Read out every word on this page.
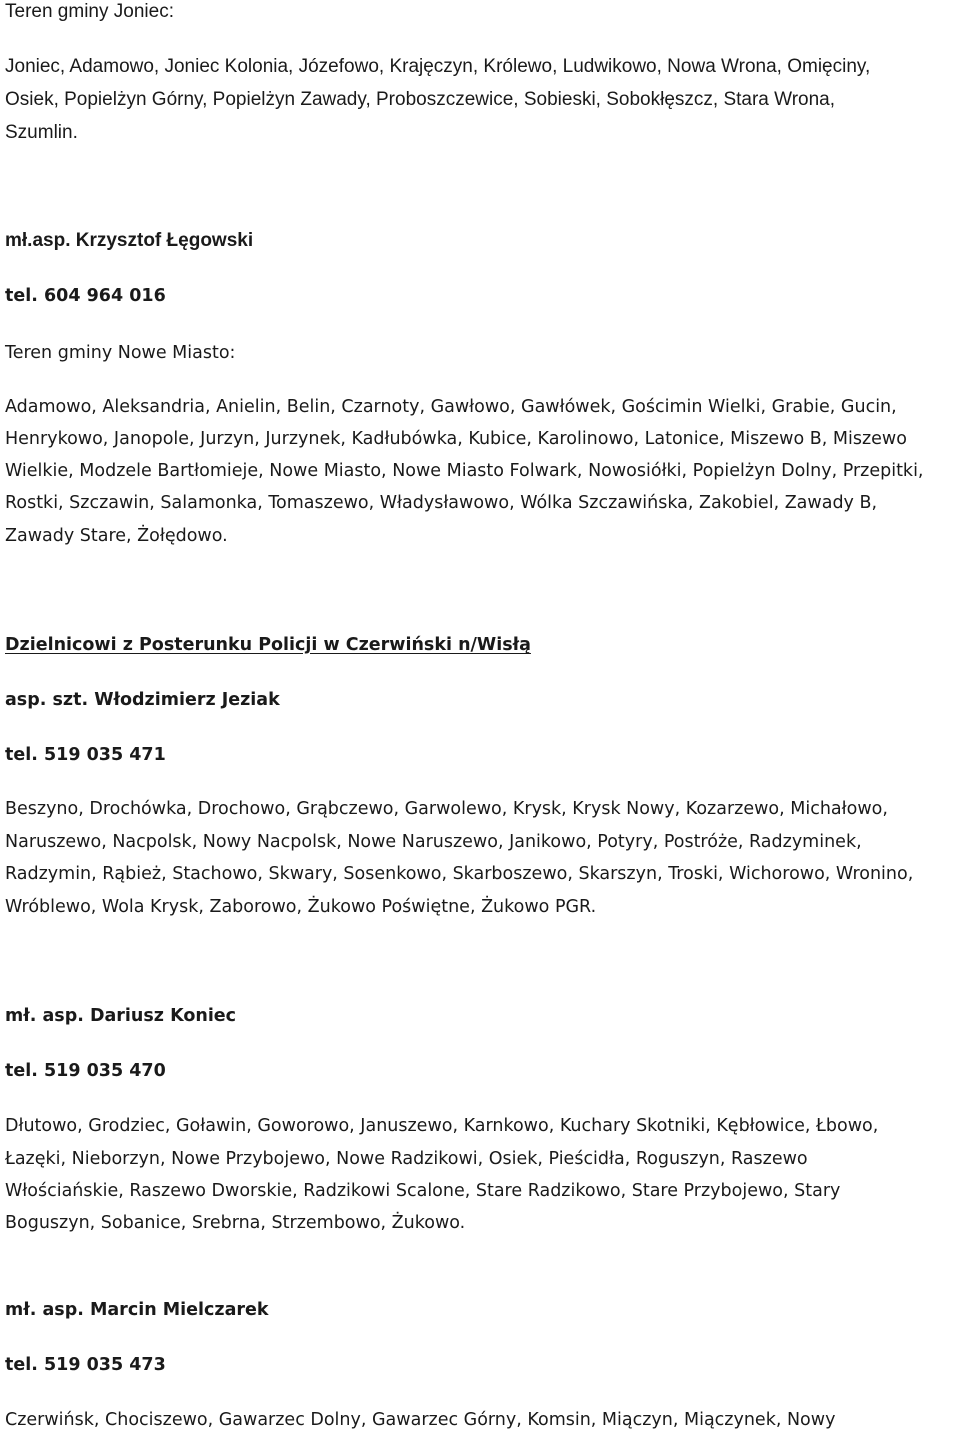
Teren gminy Joniec:
Joniec, Adamowo, Joniec Kolonia, Józefowo, Krajęczyn, Królewo, Ludwikowo, Nowa Wrona, Omięciny,
Osiek, Popielżyn Górny, Popielżyn Zawady, Proboszczewice, Sobieski, Sobokłęszcz, Stara Wrona,
Szumlin.
mł.asp. Krzysztof Łęgowski
tel. 604 964 016
Teren gminy Nowe Miasto:
Adamowo, Aleksandria, Anielin, Belin, Czarnoty, Gawłowo, Gawłówek, Gościmin Wielki, Grabie, Gucin,
Henrykowo, Janopole, Jurzyn, Jurzynek, Kadłubówka, Kubice, Karolinowo, Latonice, Miszewo B, Miszewo
Wielkie, Modzele Bartłomieje, Nowe Miasto, Nowe Miasto Folwark, Nowosiółki, Popielżyn Dolny, Przepitki,
Rostki, Szczawin, Salamonka, Tomaszewo, Władysławowo, Wólka Szczawińska, Zakobiel, Zawady B,
Zawady Stare, Żołędowo.
Dzielnicowi z Posterunku Policji w Czerwiński n/Wisłą
asp. szt. Włodzimierz Jeziak
tel. 519 035 471
Beszyno, Drochówka, Drochowo, Grąbczewo, Garwolewo, Krysk, Krysk Nowy, Kozarzewo, Michałowo,
Naruszewo, Nacpolsk, Nowy Nacpolsk, Nowe Naruszewo, Janikowo, Potyry, Postróże, Radzyminek,
Radzymin, Rąbież, Stachowo, Skwary, Sosenkowo, Skarboszewo, Skarszyn, Troski, Wichorowo, Wronino,
Wróblewo, Wola Krysk, Zaborowo, Żukowo Poświętne, Żukowo PGR.
mł. asp. Dariusz Koniec
tel. 519 035 470
Dłutowo, Grodziec, Goławin, Goworowo, Januszewo, Karnkowo, Kuchary Skotniki, Kębłowice, Łbowo,
Łazęki, Nieborzyn, Nowe Przybojewo, Nowe Radzikowi, Osiek, Pieścidła, Roguszyn, Raszewo
Włościańskie, Raszewo Dworskie, Radzikowi Scalone, Stare Radzikowo, Stare Przybojewo, Stary
Boguszyn, Sobanice, Srebrna, Strzembowo, Żukowo.
mł. asp. Marcin Mielczarek
tel. 519 035 473
Czerwińsk, Chociszewo, Gawarzec Dolny, Gawarzec Górny, Komsin, Miączyn, Miączynek, Nowy
